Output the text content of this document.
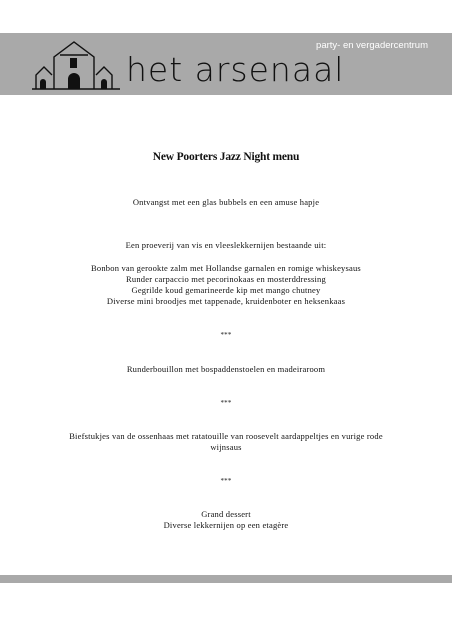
het arsenaal
party- en vergadercentrum
New Poorters Jazz Night menu

Ontvangst met een glas bubbels en een amuse hapje

Een proeverij van vis en vleeslekkernijen bestaande uit:

Bonbon van gerookte zalm met Hollandse garnalen en romige whiskeysaus

Runder carpaccio met pecorinokaas en mosterddressing

Gegrilde koud gemarineerde kip met mango chutney

Diverse mini broodjes met tappenade, kruidenboter en heksenkaas

***

Runderbouillon met bospaddenstoelen en madeiraroom

***

Biefstukjes van de ossenhaas met ratatouille van roosevelt aardappeltjes en vurige rode

wijnsaus

***

Grand dessert

Diverse lekkernijen op een etagère
